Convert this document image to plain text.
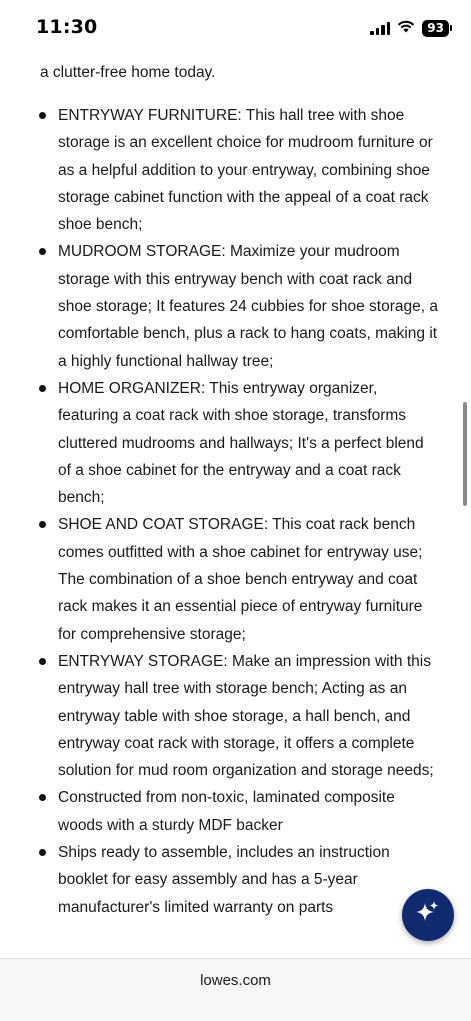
11:30	93

a clutter-free home today.

ENTRYWAY FURNITURE: This hall tree with shoe storage is an excellent choice for mudroom furniture or as a helpful addition to your entryway, combining shoe storage cabinet function with the appeal of a coat rack shoe bench;
MUDROOM STORAGE: Maximize your mudroom storage with this entryway bench with coat rack and shoe storage; It features 24 cubbies for shoe storage, a comfortable bench, plus a rack to hang coats, making it a highly functional hallway tree;
HOME ORGANIZER: This entryway organizer, featuring a coat rack with shoe storage, transforms cluttered mudrooms and hallways; It's a perfect blend of a shoe cabinet for the entryway and a coat rack bench;
SHOE AND COAT STORAGE: This coat rack bench comes outfitted with a shoe cabinet for entryway use; The combination of a shoe bench entryway and coat rack makes it an essential piece of entryway furniture for comprehensive storage;
ENTRYWAY STORAGE: Make an impression with this entryway hall tree with storage bench; Acting as an entryway table with shoe storage, a hall bench, and entryway coat rack with storage, it offers a complete solution for mud room organization and storage needs;
Constructed from non-toxic, laminated composite woods with a sturdy MDF backer
Ships ready to assemble, includes an instruction booklet for easy assembly and has a 5-year manufacturer's limited warranty on parts
lowes.com
